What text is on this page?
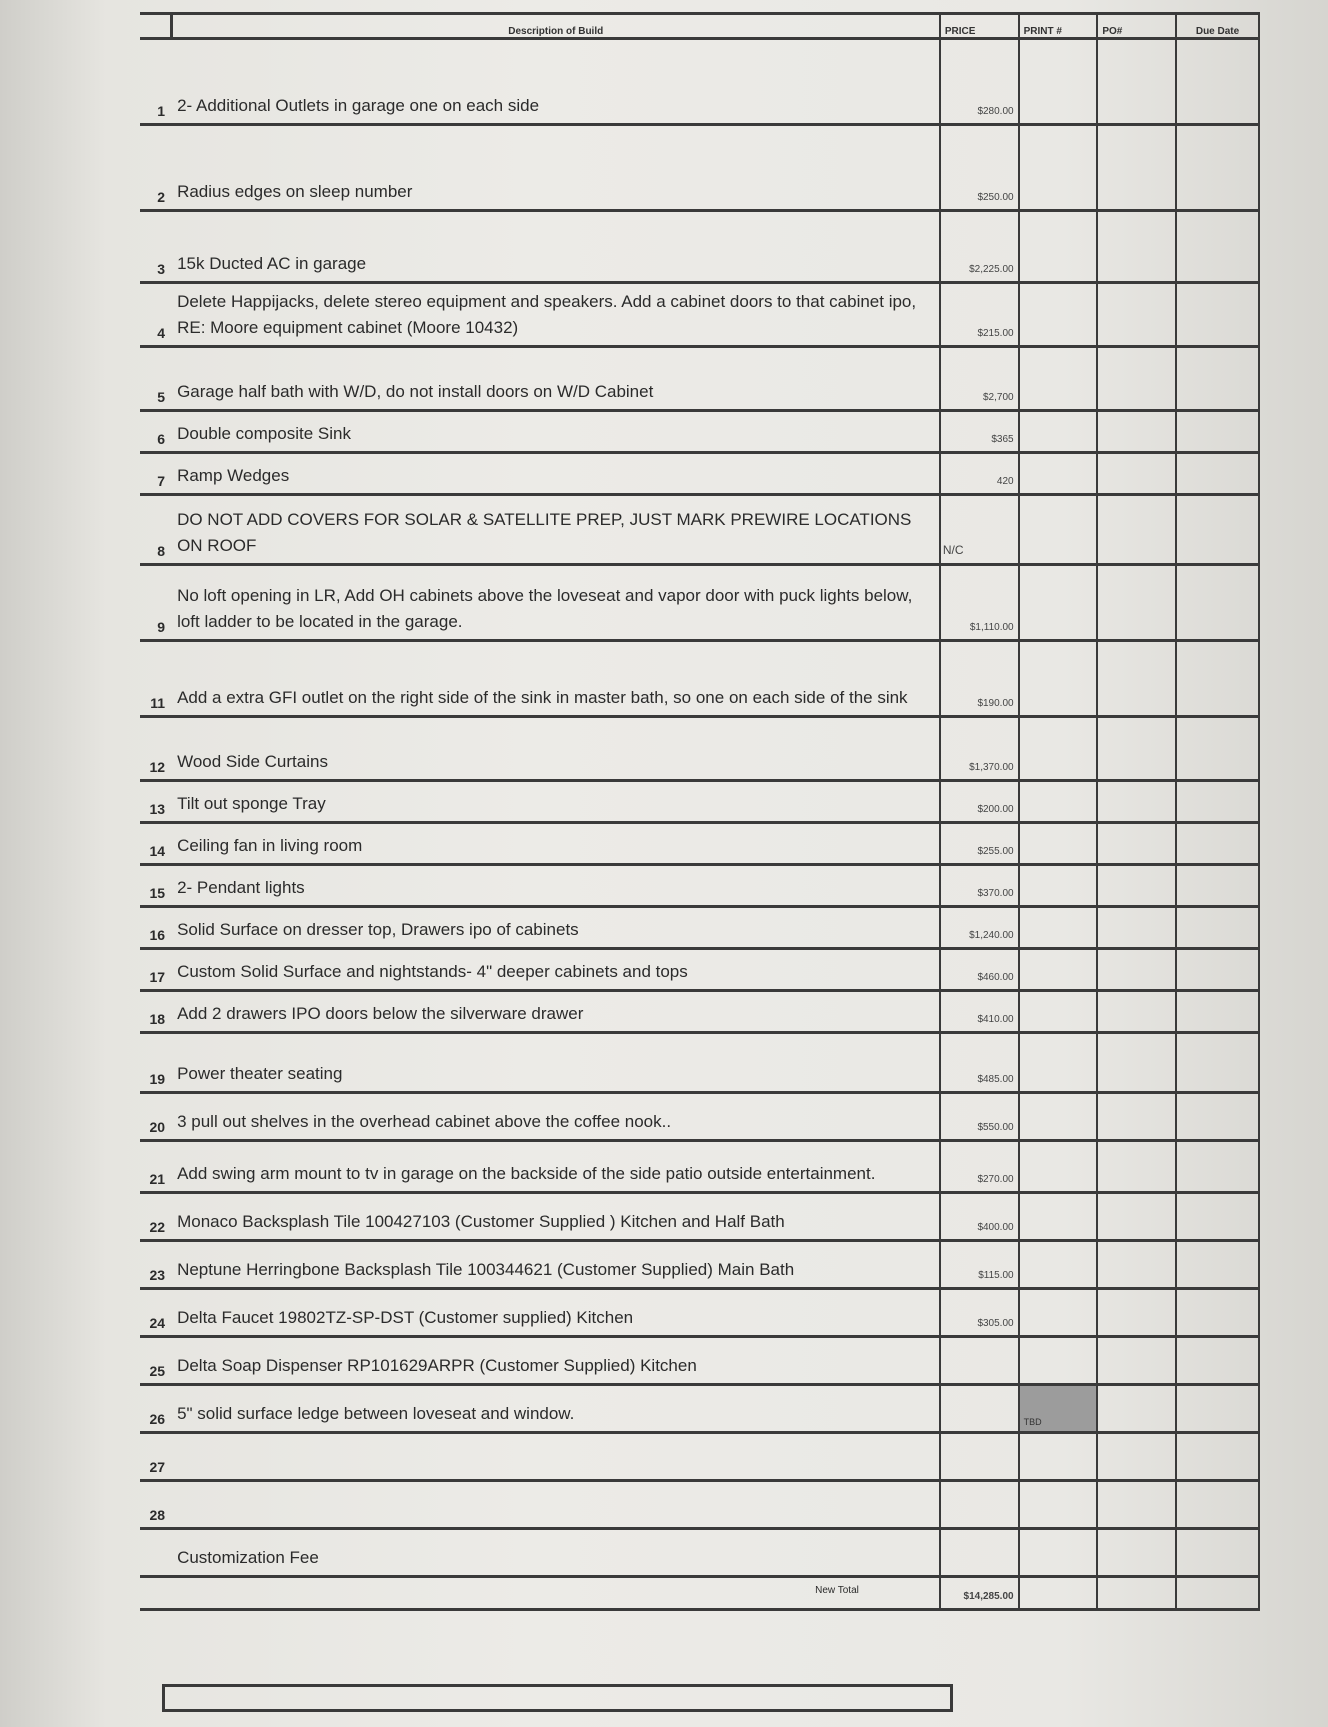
	Description of Build	PRICE	PRINT #	PO#	Due Date
1	2- Additional Outlets in garage one on each side	$280.00			
2	Radius edges on sleep number	$250.00			
3	15k Ducted AC in garage	$2,225.00			
4	Delete Happijacks, delete stereo equipment and speakers. Add a cabinet doors to that cabinet ipo, RE: Moore equipment cabinet (Moore 10432)	$215.00			
5	Garage half bath with W/D, do not install doors on W/D Cabinet	$2,700			
6	Double composite Sink	$365			
7	Ramp Wedges	420			
8	DO NOT ADD COVERS FOR SOLAR & SATELLITE PREP, JUST MARK PREWIRE LOCATIONS ON ROOF	N/C			
9	No loft opening in LR, Add OH cabinets above the loveseat and vapor door with puck lights below, loft ladder to be located in the garage.	$1,110.00			
11	Add a extra GFI outlet on the right side of the sink in master bath, so one on each side of the sink	$190.00			
12	Wood Side Curtains	$1,370.00			
13	Tilt out sponge Tray	$200.00			
14	Ceiling fan in living room	$255.00			
15	2- Pendant lights	$370.00			
16	Solid Surface on dresser top, Drawers ipo of cabinets	$1,240.00			
17	Custom Solid Surface and nightstands- 4" deeper cabinets and tops	$460.00			
18	Add 2 drawers IPO doors below the silverware drawer	$410.00			
19	Power theater seating	$485.00			
20	3 pull out shelves in the overhead cabinet above the coffee nook..	$550.00			
21	Add swing arm mount to tv in garage on the backside of the side patio outside entertainment.	$270.00			
22	Monaco Backsplash Tile 100427103 (Customer Supplied ) Kitchen and Half Bath	$400.00			
23	Neptune Herringbone Backsplash Tile 100344621 (Customer Supplied) Main Bath	$115.00			
24	Delta Faucet 19802TZ-SP-DST (Customer supplied) Kitchen	$305.00			
25	Delta Soap Dispenser RP101629ARPR (Customer Supplied) Kitchen				
26	5" solid surface ledge between loveseat and window.		TBD		
27					
28					
	Customization Fee				
	New Total	$14,285.00			
